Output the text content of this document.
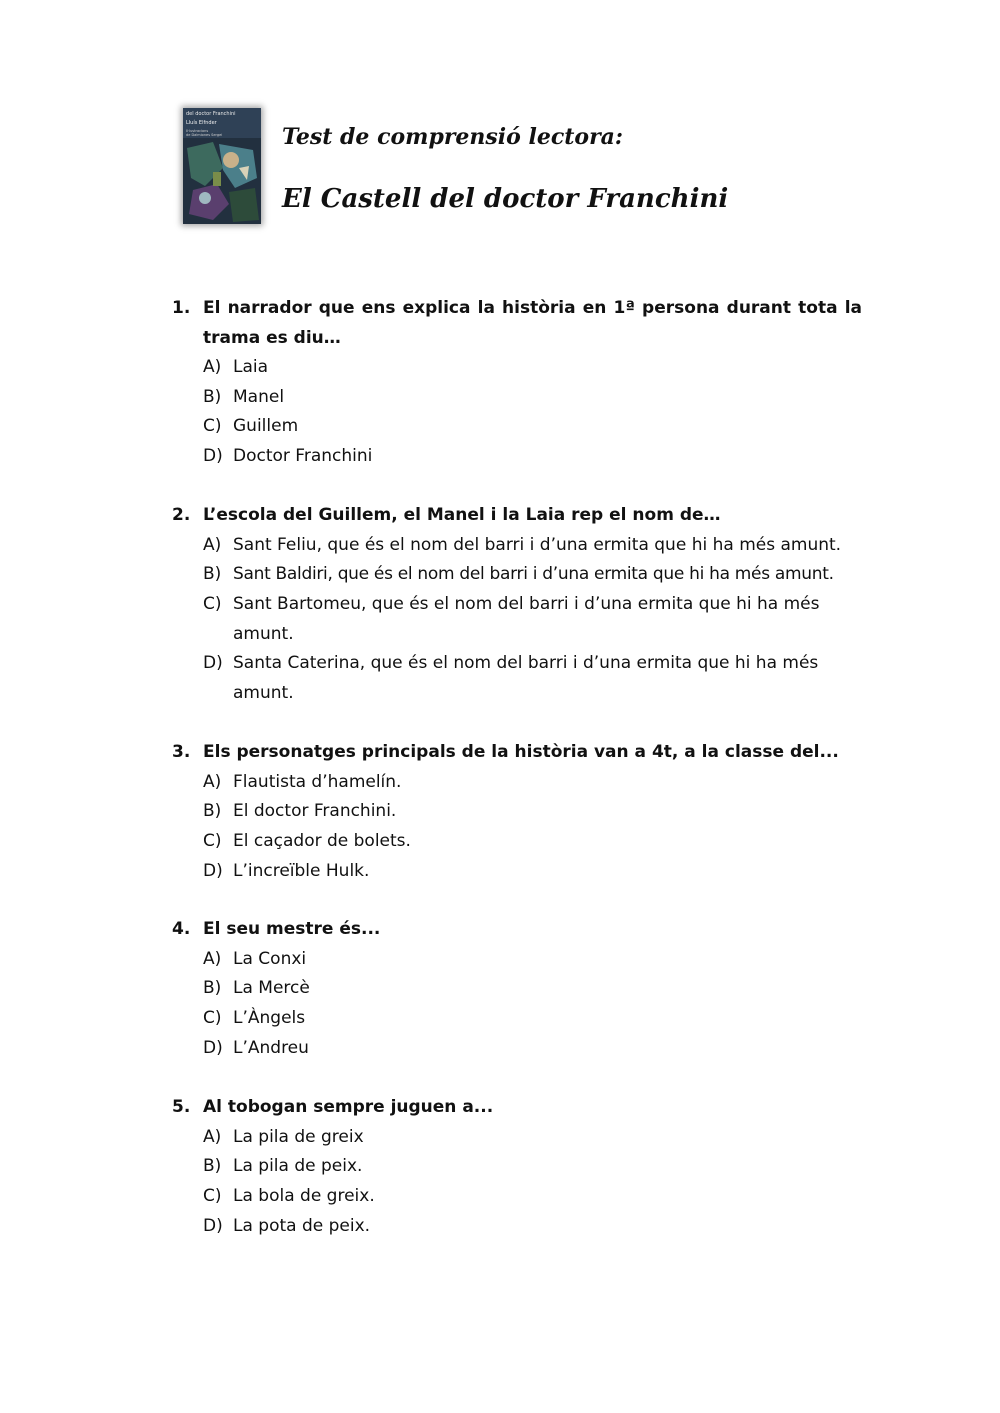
del doctor Franchini
Lluís Elfnder
Il·lustracions
de Dalmiones Sergei	Test de comprensió lectora:
El Castell del doctor Franchini
1. El narrador que ens explica la història en 1ª persona durant tota la trama es diu…
A) Laia
B) Manel
C) Guillem
D) Doctor Franchini
2. L’escola del Guillem, el Manel i la Laia rep el nom de…
A) Sant Feliu, que és el nom del barri i d’una ermita que hi ha més amunt.
B) Sant Baldiri, que és el nom del barri i d’una ermita que hi ha més amunt.
C) Sant Bartomeu, que és el nom del barri i d’una ermita que hi ha més amunt.
D) Santa Caterina, que és el nom del barri i d’una ermita que hi ha més amunt.
3. Els personatges principals de la història van a 4t, a la classe del...
A) Flautista d’hamelín.
B) El doctor Franchini.
C) El caçador de bolets.
D) L’increïble Hulk.
4. El seu mestre és...
A) La Conxi
B) La Mercè
C) L’Àngels
D) L’Andreu
5. Al tobogan sempre juguen a...
A) La pila de greix
B) La pila de peix.
C) La bola de greix.
D) La pota de peix.
